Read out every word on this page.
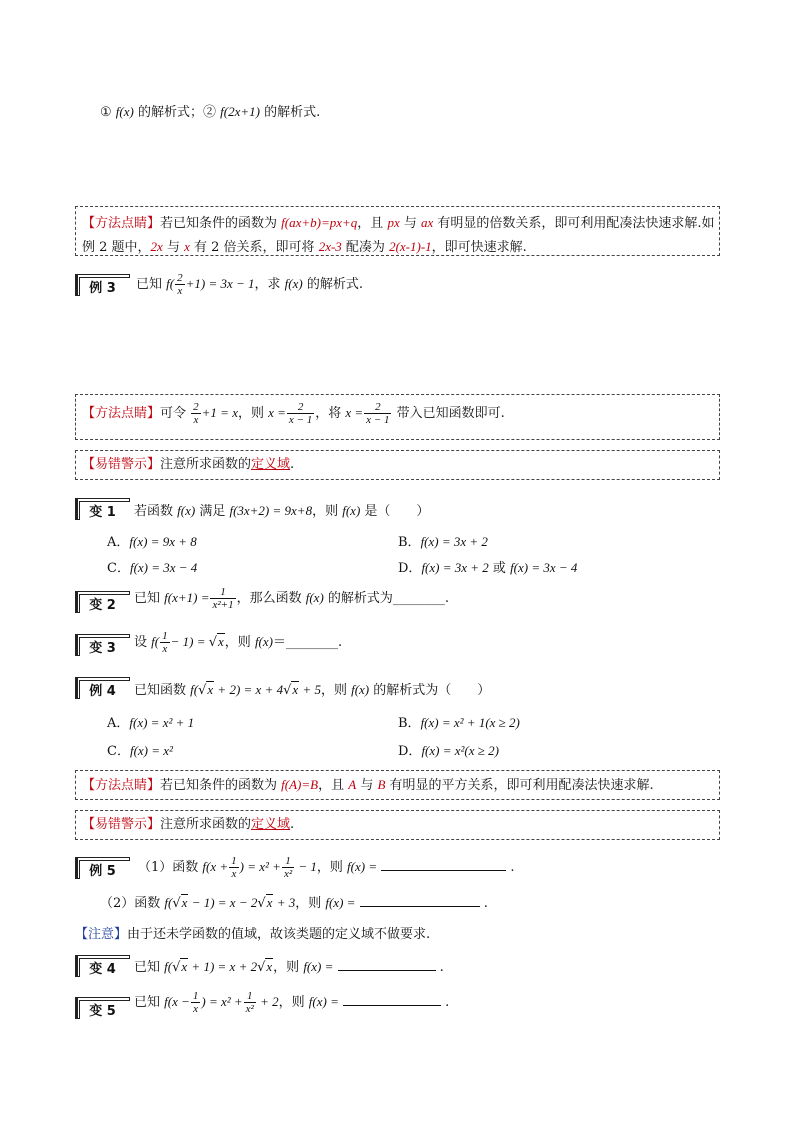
① f(x) 的解析式；② f(2x+1) 的解析式.
【方法点睛】若已知条件的函数为 f(ax+b)=px+q，且 px 与 ax 有明显的倍数关系，即可利用配凑法快速求解.如例 2 题中，2x 与 x 有 2 倍关系，即可将 2x-3 配凑为 2(x-1)-1，即可快速求解.
例 3	已知 $f( \frac{2}{x} +1) = 3x - 1$，求 f(x) 的解析式.
【方法点睛】可令 $\frac{2}{x} +1 = x$，则 $x = \frac{2}{x - 1}$ ，将 $x = \frac{2}{x - 1}$ 带入已知函数即可.
【易错警示】注意所求函数的定义域.
变 1	若函数 f(x) 满足 f(3x+2) = 9x+8，则 f(x) 是（　　）
A．f(x) = 9x + 8	B．f(x) = 3x + 2
C．f(x) = 3x − 4	D．f(x) = 3x + 2 或 f(x) = 3x − 4
变 2	已知 $f(x+1) = \frac{1}{\text{x²+1}}$ ，那么函数 f(x) 的解析式为________.
变 3	设 $f( \frac{1}{x} - 1) = √x$，则 f(x)＝________.
例 4	已知函数 f(√x + 2) = x + 4√x + 5，则 f(x) 的解析式为（　　）
A．f(x) = x² + 1	B．f(x) = x² + 1(x ≥ 2)
C．f(x) = x²	D．f(x) = x²(x ≥ 2)
【方法点睛】若已知条件的函数为 f(A)=B，且 A 与 B 有明显的平方关系，即可利用配凑法快速求解.
【易错警示】注意所求函数的定义域.
例 5	（1）函数 $f(x + \frac{1}{x}$ ) = $x^2 + \frac{1}{\text{x²}} - 1$，则 f(x) =	.
（2）函数 f(√x − 1) = x − 2√x + 3，则 f(x) =	.
【注意】由于还未学函数的值域，故该类题的定义域不做要求.
变 4	已知 f(√x + 1) = x + 2√x，则 f(x) =	.
变 5
已知 $f(x - \frac{1}{x}$ ) = $x^2 + \frac{1}{\text{x²}} + 2$，则 f(x) =	.
